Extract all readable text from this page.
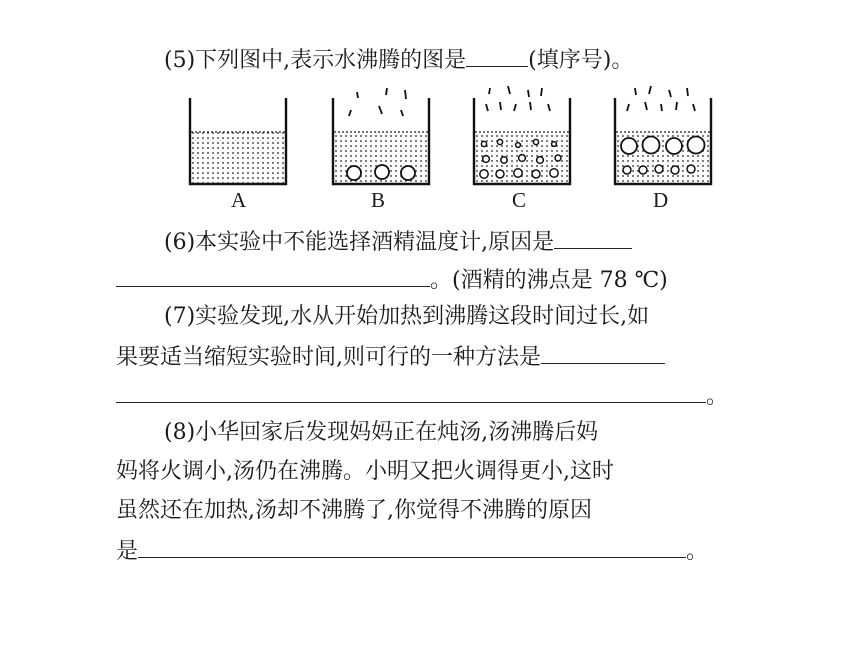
(5)下列图中,表示水沸腾的图是	(填序号)。
A	B	C	D
(6)本实验中不能选择酒精温度计,原因是
。(酒精的沸点是 78 ℃)
(7)实验发现,水从开始加热到沸腾这段时间过长,如
果要适当缩短实验时间,则可行的一种方法是
。
(8)小华回家后发现妈妈正在炖汤,汤沸腾后妈
妈将火调小,汤仍在沸腾。小明又把火调得更小,这时
虽然还在加热,汤却不沸腾了,你觉得不沸腾的原因
是	。
